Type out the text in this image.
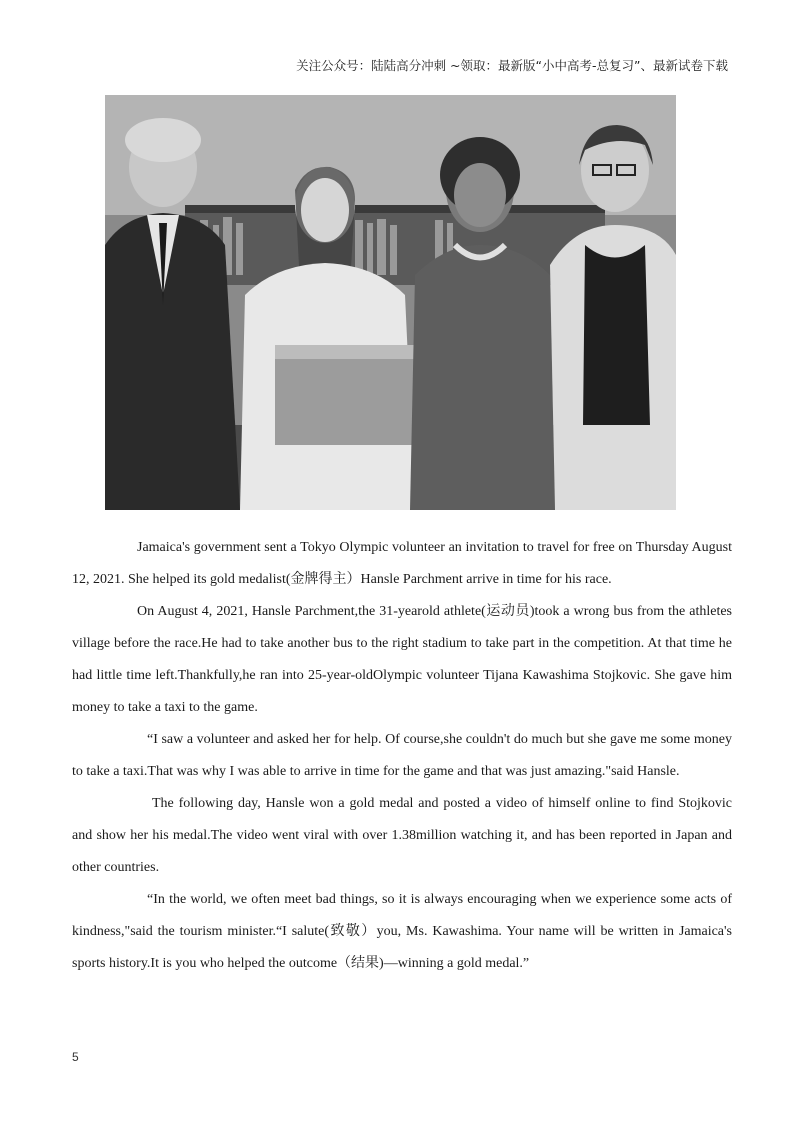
关注公众号：陆陆高分冲刺 ~领取：最新版“小中高考-总复习”、最新试卷下载

Jamaica's government sent a Tokyo Olympic volunteer an invitation to travel for free on Thursday August 12, 2021. She helped its gold medalist(金牌得主）Hansle Parchment arrive in time for his race.

On August 4, 2021, Hansle Parchment,the 31-yearold athlete(运动员)took a wrong bus from the athletes village before the race.He had to take another bus to the right stadium to take part in the competition. At that time he had little time left.Thankfully,he ran into 25-year-oldOlympic volunteer Tijana Kawashima Stojkovic. She gave him money to take a taxi to the game.

“I saw a volunteer and asked her for help. Of course,she couldn't do much but she gave me some money to take a taxi.That was why I was able to arrive in time for the game and that was just amazing."said Hansle.

The following day, Hansle won a gold medal and posted a video of himself online to find Stojkovic and show her his medal.The video went viral with over 1.38million watching it, and has been reported in Japan and other countries.

“In the world, we often meet bad things, so it is always encouraging when we experience some acts of kindness,"said the tourism minister.“I salute(致敬）you, Ms. Kawashima. Your name will be written in Jamaica's sports history.It is you who helped the outcome（结果)—winning a gold medal.”

5
